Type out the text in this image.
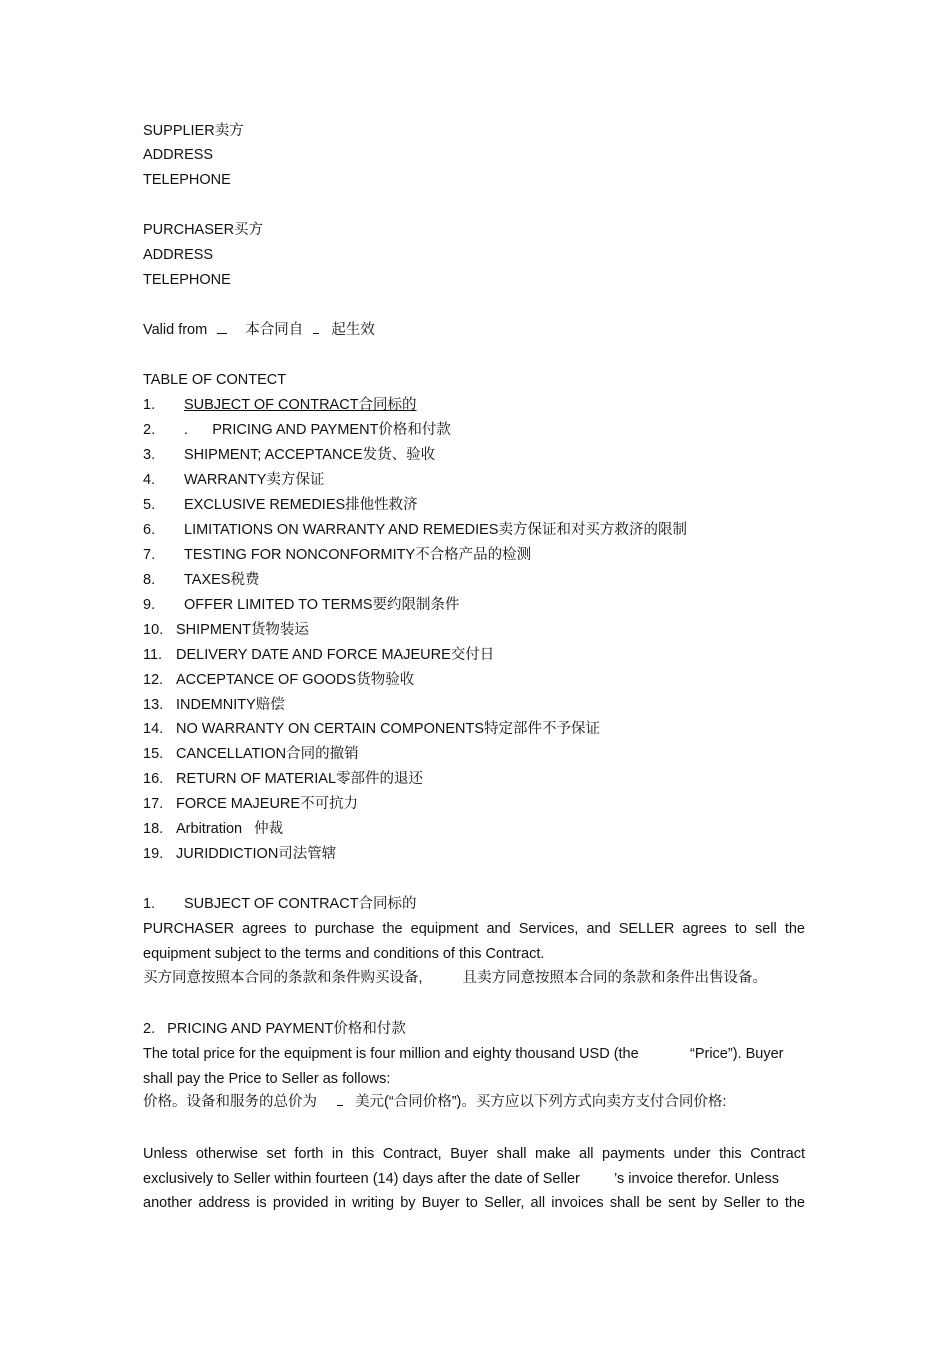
SUPPLIER卖方
ADDRESS
TELEPHONE
PURCHASER买方
ADDRESS
TELEPHONE
Valid from	本合同自 起生效
TABLE OF CONTECT
1. SUBJECT OF CONTRACT合同标的
2. .      PRICING AND PAYMENT价格和付款
3. SHIPMENT; ACCEPTANCE发货、验收
4. WARRANTY卖方保证
5. EXCLUSIVE REMEDIES排他性救济
6. LIMITATIONS ON WARRANTY AND REMEDIES卖方保证和对买方救济的限制
7. TESTING FOR NONCONFORMITY不合格产品的检测
8. TAXES税费
9. OFFER LIMITED TO TERMS要约限制条件
10. SHIPMENT货物装运
11. DELIVERY DATE AND FORCE MAJEURE交付日
12. ACCEPTANCE OF GOODS货物验收
13. INDEMNITY赔偿
14. NO WARRANTY ON CERTAIN COMPONENTS特定部件不予保证
15. CANCELLATION合同的撤销
16. RETURN OF MATERIAL零部件的退还
17. FORCE MAJEURE不可抗力
18. Arbitration   仲裁
19. JURIDDICTION司法管辖
1. SUBJECT OF CONTRACT合同标的
PURCHASER agrees to purchase the equipment and Services, and SELLER agrees to sell the
equipment subject to the terms and conditions of this Contract.
买方同意按照本合同的条款和条件购买设备,	且卖方同意按照本合同的条款和条件出售设备。
2.   PRICING AND PAYMENT价格和付款
The total price for the equipment is four million and eighty thousand USD (the	“Price”). Buyer
shall pay the Price to Seller as follows:
价格。设备和服务的总价为	美元(“合同价格”)。买方应以下列方式向卖方支付合同价格:
Unless otherwise set forth in this Contract, Buyer shall make all payments under this Contract
exclusively to Seller within fourteen (14) days after the date of Seller ’s invoice therefor. Unless
another address is provided in writing by Buyer to Seller, all invoices shall be sent by Seller to the
